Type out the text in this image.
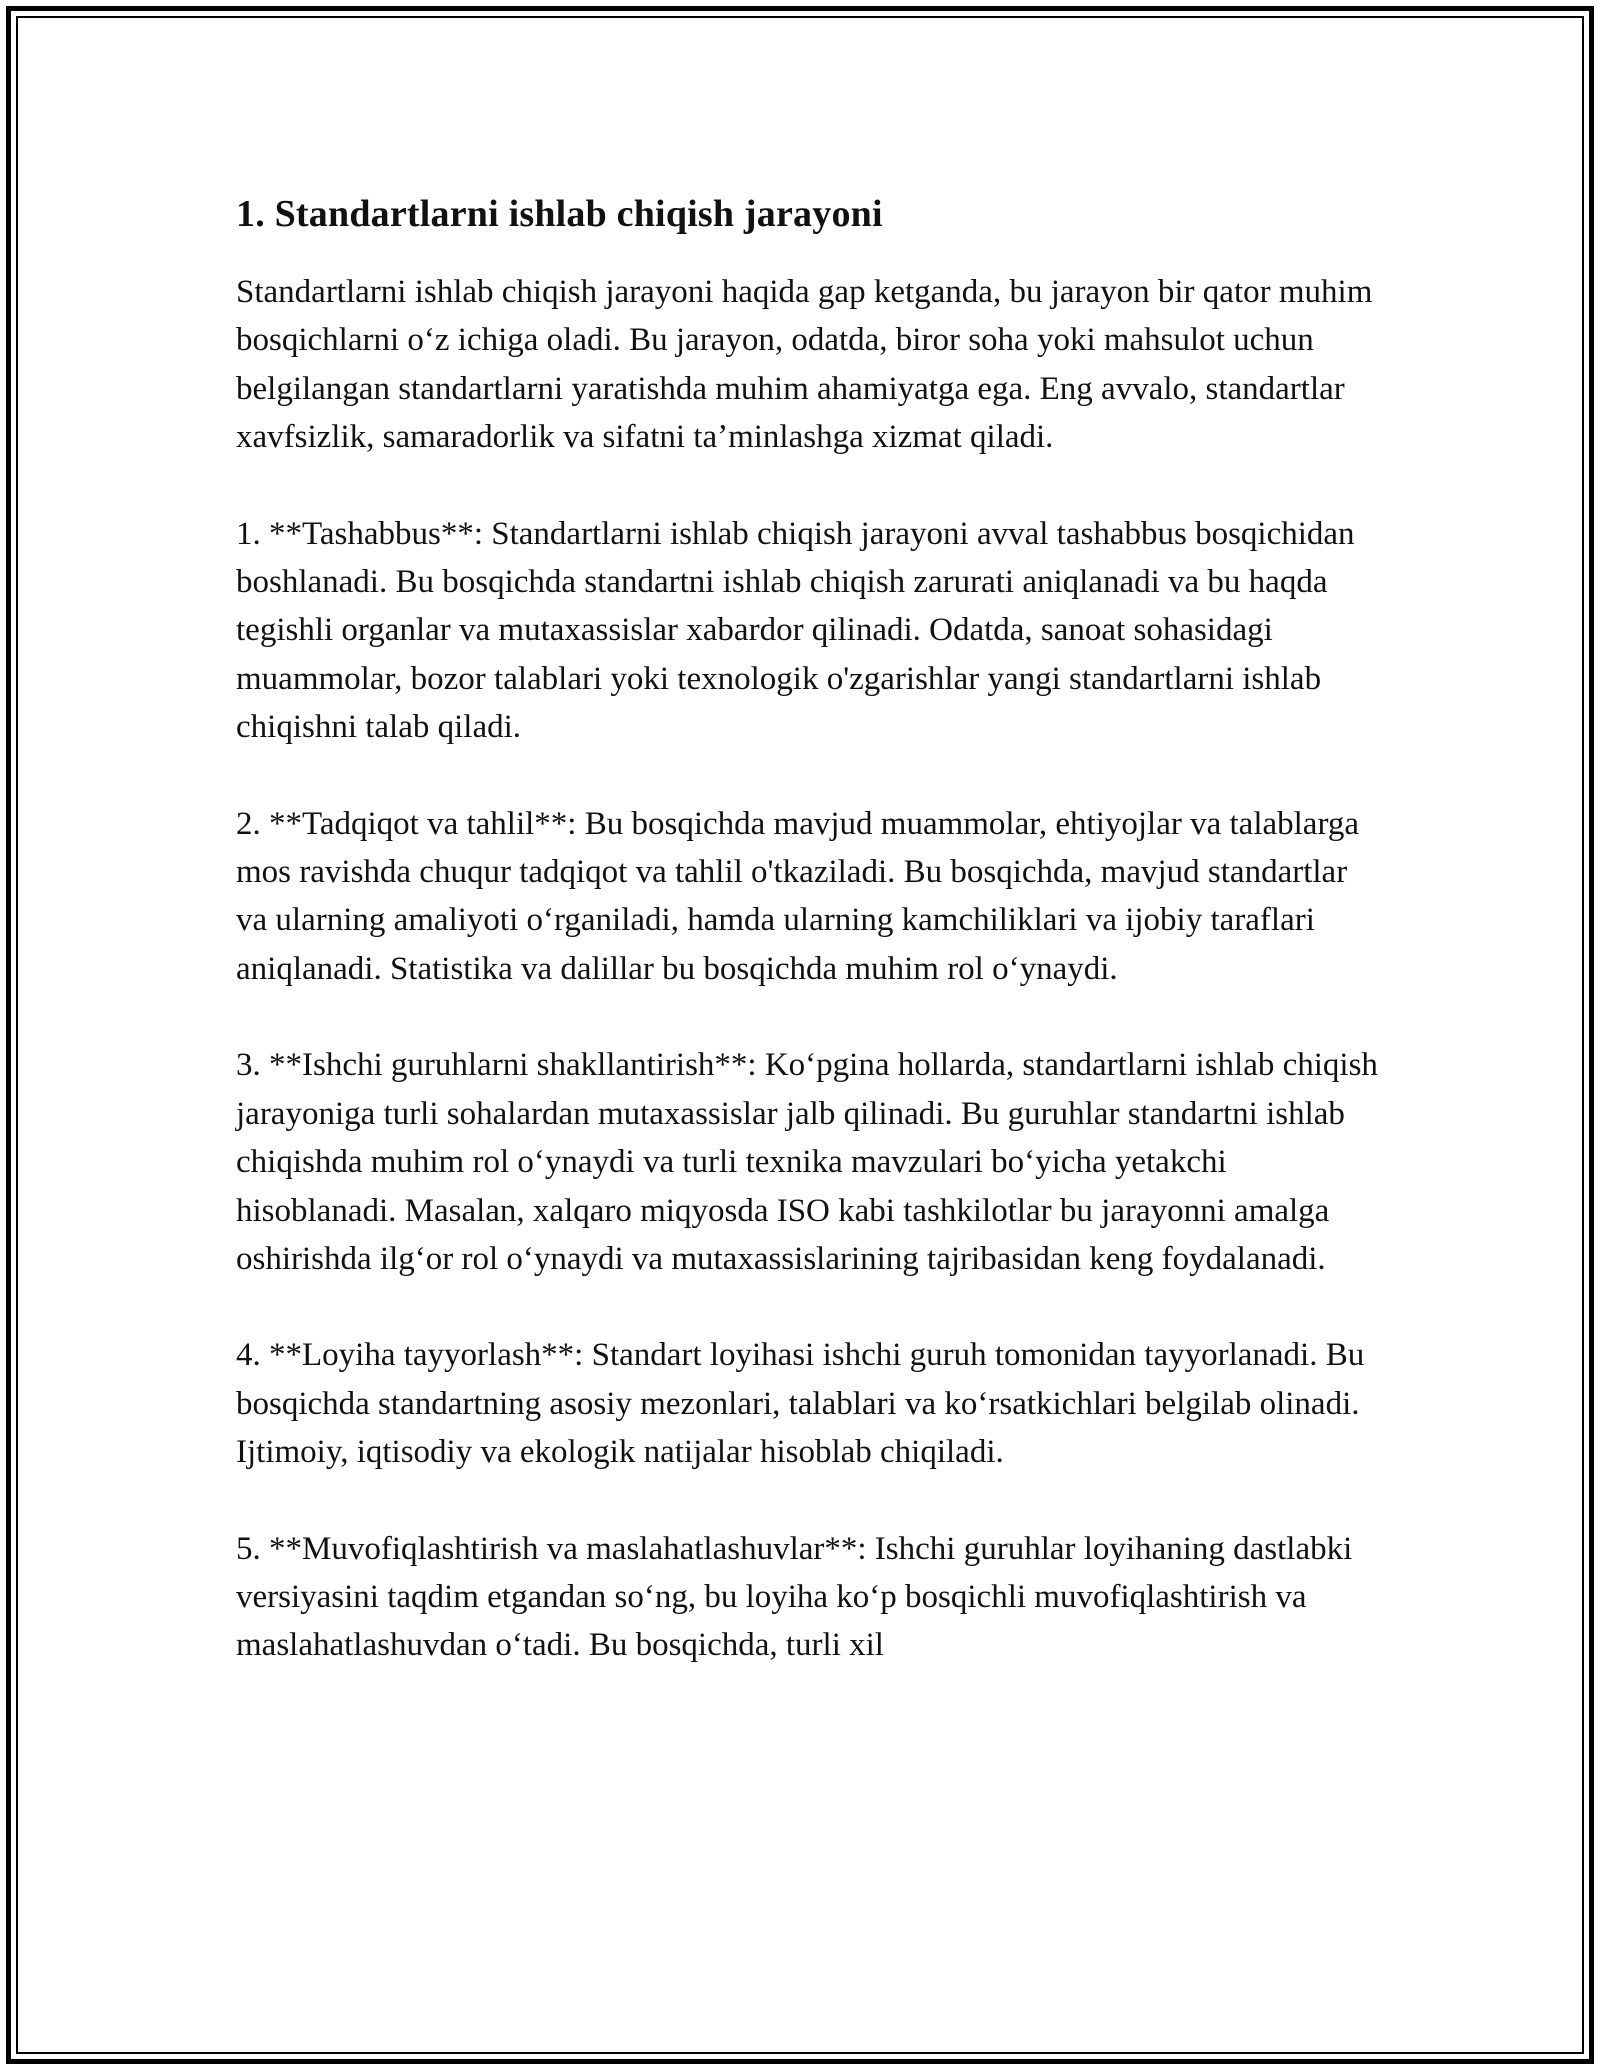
1. Standartlarni ishlab chiqish jarayoni

Standartlarni ishlab chiqish jarayoni haqida gap ketganda, bu jarayon bir qator muhim bosqichlarni oʻz ichiga oladi. Bu jarayon, odatda, biror soha yoki mahsulot uchun belgilangan standartlarni yaratishda muhim ahamiyatga ega. Eng avvalo, standartlar xavfsizlik, samaradorlik va sifatni taʼminlashga xizmat qiladi.

1. **Tashabbus**: Standartlarni ishlab chiqish jarayoni avval tashabbus bosqichidan boshlanadi. Bu bosqichda standartni ishlab chiqish zarurati aniqlanadi va bu haqda tegishli organlar va mutaxassislar xabardor qilinadi. Odatda, sanoat sohasidagi muammolar, bozor talablari yoki texnologik o'zgarishlar yangi standartlarni ishlab chiqishni talab qiladi.

2. **Tadqiqot va tahlil**: Bu bosqichda mavjud muammolar, ehtiyojlar va talablarga mos ravishda chuqur tadqiqot va tahlil o'tkaziladi. Bu bosqichda, mavjud standartlar va ularning amaliyoti oʻrganiladi, hamda ularning kamchiliklari va ijobiy taraflari aniqlanadi. Statistika va dalillar bu bosqichda muhim rol oʻynaydi.

3. **Ishchi guruhlarni shakllantirish**: Koʻpgina hollarda, standartlarni ishlab chiqish jarayoniga turli sohalardan mutaxassislar jalb qilinadi. Bu guruhlar standartni ishlab chiqishda muhim rol oʻynaydi va turli texnika mavzulari boʻyicha yetakchi hisoblanadi. Masalan, xalqaro miqyosda ISO kabi tashkilotlar bu jarayonni amalga oshirishda ilgʻor rol oʻynaydi va mutaxassislarining tajribasidan keng foydalanadi.

4. **Loyiha tayyorlash**: Standart loyihasi ishchi guruh tomonidan tayyorlanadi. Bu bosqichda standartning asosiy mezonlari, talablari va koʻrsatkichlari belgilab olinadi. Ijtimoiy, iqtisodiy va ekologik natijalar hisoblab chiqiladi.

5. **Muvofiqlashtirish va maslahatlashuvlar**: Ishchi guruhlar loyihaning dastlabki versiyasini taqdim etgandan soʻng, bu loyiha koʻp bosqichli muvofiqlashtirish va maslahatlashuvdan oʻtadi. Bu bosqichda, turli xil
